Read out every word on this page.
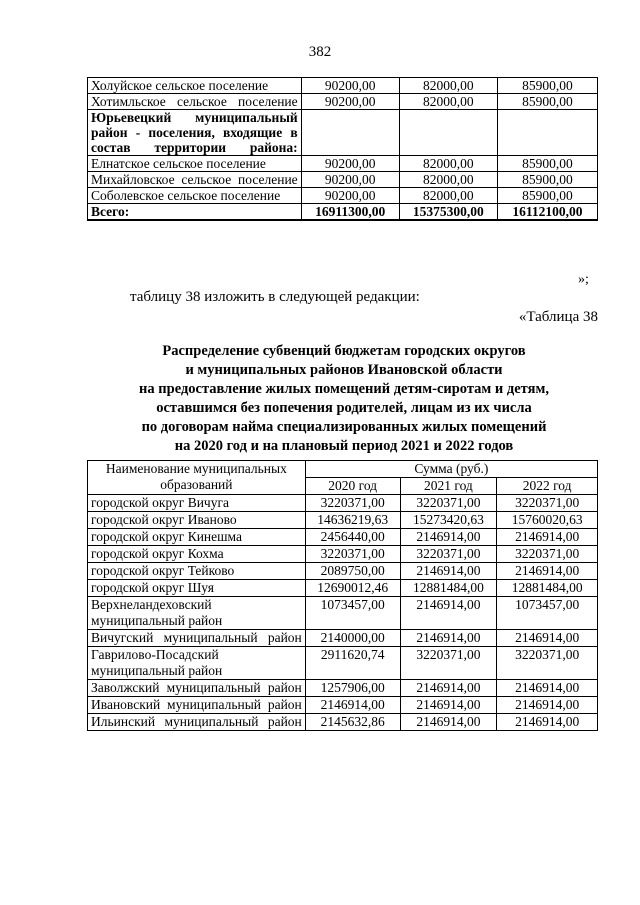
382
Холуйское сельское поселение	90200,00	82000,00	85900,00
Хотимльское сельское поселение	90200,00	82000,00	85900,00
Юрьевецкий муниципальный район - поселения, входящие в состав территории района:			
Елнатское сельское поселение	90200,00	82000,00	85900,00
Михайловское сельское поселение	90200,00	82000,00	85900,00
Соболевское сельское поселение	90200,00	82000,00	85900,00
Всего:	16911300,00	15375300,00	16112100,00
»;
таблицу 38 изложить в следующей редакции:
«Таблица 38
Распределение субвенций бюджетам городских округов
и муниципальных районов Ивановской области
на предоставление жилых помещений детям-сиротам и детям,
оставшимся без попечения родителей, лицам из их числа
по договорам найма специализированных жилых помещений
на 2020 год и на плановый период 2021 и 2022 годов
Наименование муниципальных образований	Сумма (руб.)		
	2020 год	2021 год	2022 год
городской округ Вичуга	3220371,00	3220371,00	3220371,00
городской округ Иваново	14636219,63	15273420,63	15760020,63
городской округ Кинешма	2456440,00	2146914,00	2146914,00
городской округ Кохма	3220371,00	3220371,00	3220371,00
городской округ Тейково	2089750,00	2146914,00	2146914,00
городской округ Шуя	12690012,46	12881484,00	12881484,00
Верхнеландеховский муниципальный район	1073457,00	2146914,00	1073457,00
Вичугский муниципальный район	2140000,00	2146914,00	2146914,00
Гаврилово-Посадский муниципальный район	2911620,74	3220371,00	3220371,00
Заволжский муниципальный район	1257906,00	2146914,00	2146914,00
Ивановский муниципальный район	2146914,00	2146914,00	2146914,00
Ильинский муниципальный район	2145632,86	2146914,00	2146914,00
